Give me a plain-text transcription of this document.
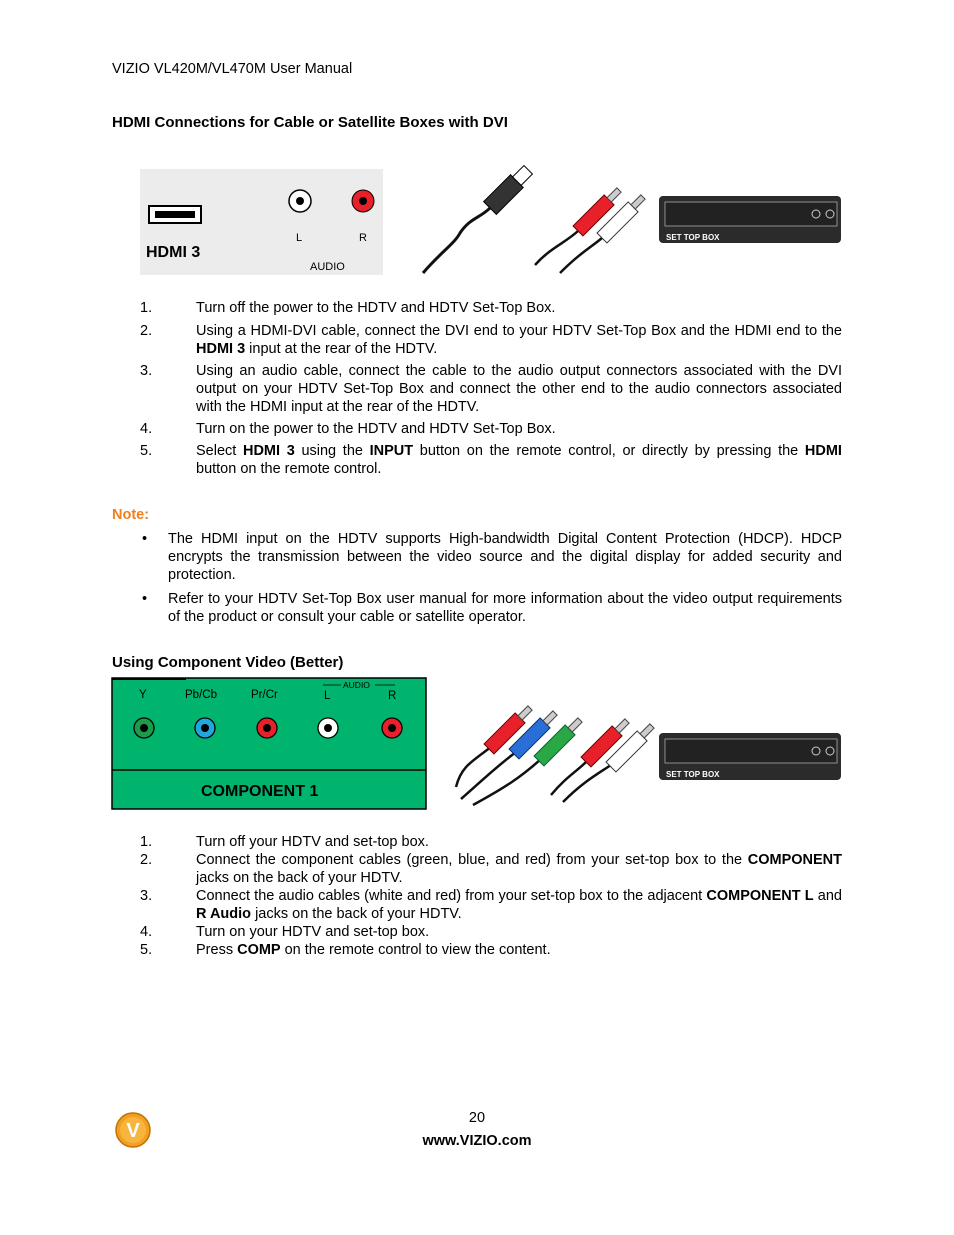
VIZIO VL420M/VL470M User Manual
HDMI Connections for Cable or Satellite Boxes with DVI
HDMI 3
L	R
AUDIO
SET TOP BOX
1.	Turn off the power to the HDTV and HDTV Set-Top Box.
2.	Using a HDMI-DVI cable, connect the DVI end to your HDTV Set-Top Box and the HDMI end to the HDMI 3 input at the rear of the HDTV.
3.	Using an audio cable, connect the cable to the audio output connectors associated with the DVI output on your HDTV Set-Top Box and connect the other end to the audio connectors associated with the HDMI input at the rear of the HDTV.
4.	Turn on the power to the HDTV and HDTV Set-Top Box.
5.	Select HDMI 3 using the INPUT button on the remote control, or directly by pressing the HDMI button on the remote control.
Note:
• The HDMI input on the HDTV supports High-bandwidth Digital Content Protection (HDCP). HDCP encrypts the transmission between the video source and the digital display for added security and protection.
• Refer to your HDTV Set-Top Box user manual for more information about the video output requirements of the product or consult your cable or satellite operator.
Using Component Video (Better)
Y	Pb/Cb	Pr/Cr
AUDIO
L	R
COMPONENT 1
SET TOP BOX
1.	Turn off your HDTV and set-top box.
2.	Connect the component cables (green, blue, and red) from your set-top box to the COMPONENT jacks on the back of your HDTV.
3.	Connect the audio cables (white and red) from your set-top box to the adjacent COMPONENT L and R Audio jacks on the back of your HDTV.
4.	Turn on your HDTV and set-top box.
5.	Press COMP on the remote control to view the content.
V
20
www.VIZIO.com
